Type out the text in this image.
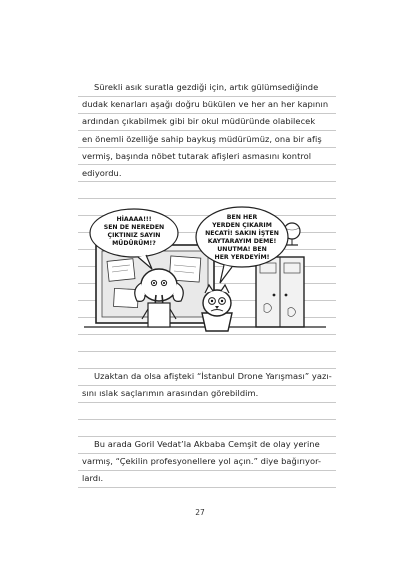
Sürekli asık suratla gezdiği için, artık gülümsediğinde
dudak kenarları aşağı doğru bükülen ve her an her kapının
ardından çıkabilmek gibi bir okul müdüründe olabilecek
en önemli özelliğe sahip baykuş müdürümüz, ona bir afiş
vermiş, başında nöbet tutarak afişleri asmasını kontrol
ediyordu.
HİAAAA!!!
SEN DE NEREDEN
ÇIKTINIZ SAYIN
MÜDÜRÜM!?
BEN HER
YERDEN ÇIKARIM
NECATİ! SAKIN İŞTEN
KAYTARAYIM DEME!
UNUTMA! BEN
HER YERDEYİM!
Uzaktan da olsa afişteki “İstanbul Drone Yarışması” yazı-
sını ıslak saçlarımın arasından görebildim.
Bu arada Goril Vedat’la Akbaba Cemşit de olay yerine
varmış, “Çekilin profesyonellere yol açın.” diye bağırıyor-
lardı.
27
